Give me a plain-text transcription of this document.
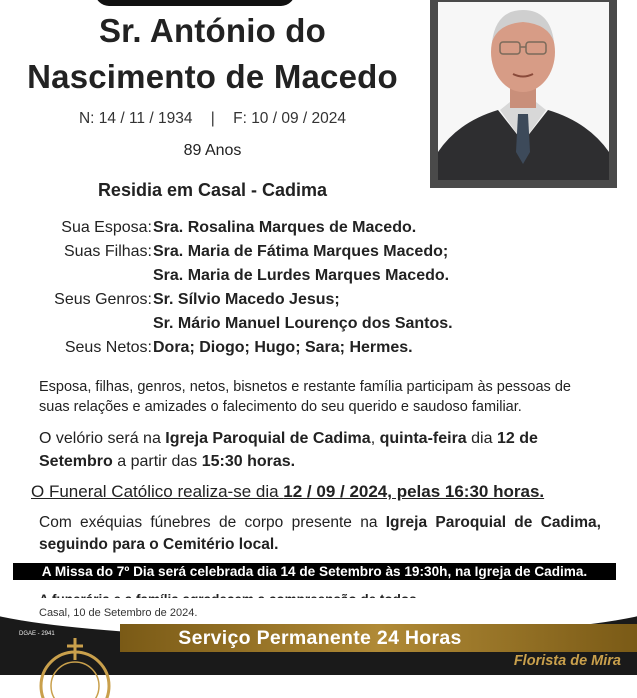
Sr. António do
Nascimento de Macedo
N: 14 / 11 / 1934 | F: 10 / 09 / 2024
89 Anos
Residia em Casal - Cadima
Sua Esposa: Sra. Rosalina Marques de Macedo.
Suas Filhas: Sra. Maria de Fátima Marques Macedo;
Sra. Maria de Lurdes Marques Macedo.
Seus Genros: Sr. Sílvio Macedo Jesus;
Sr. Mário Manuel Lourenço dos Santos.
Seus Netos: Dora; Diogo; Hugo; Sara; Hermes.
Esposa, filhas, genros, netos, bisnetos e restante família participam às pessoas de suas relações e amizades o falecimento do seu querido e saudoso familiar.
O velório será na Igreja Paroquial de Cadima, quinta-feira dia 12 de Setembro a partir das 15:30 horas.
O Funeral Católico realiza-se dia 12 / 09 / 2024, pelas 16:30 horas.
Com exéquias fúnebres de corpo presente na Igreja Paroquial de Cadima, seguindo para o Cemitério local.
A Missa do 7º Dia será celebrada dia 14 de Setembro às 19:30h, na Igreja de Cadima.
Casal, 10 de Setembro de 2024.
DGAE - 2941	Serviço Permanente 24 Horas
Florista de Mira
